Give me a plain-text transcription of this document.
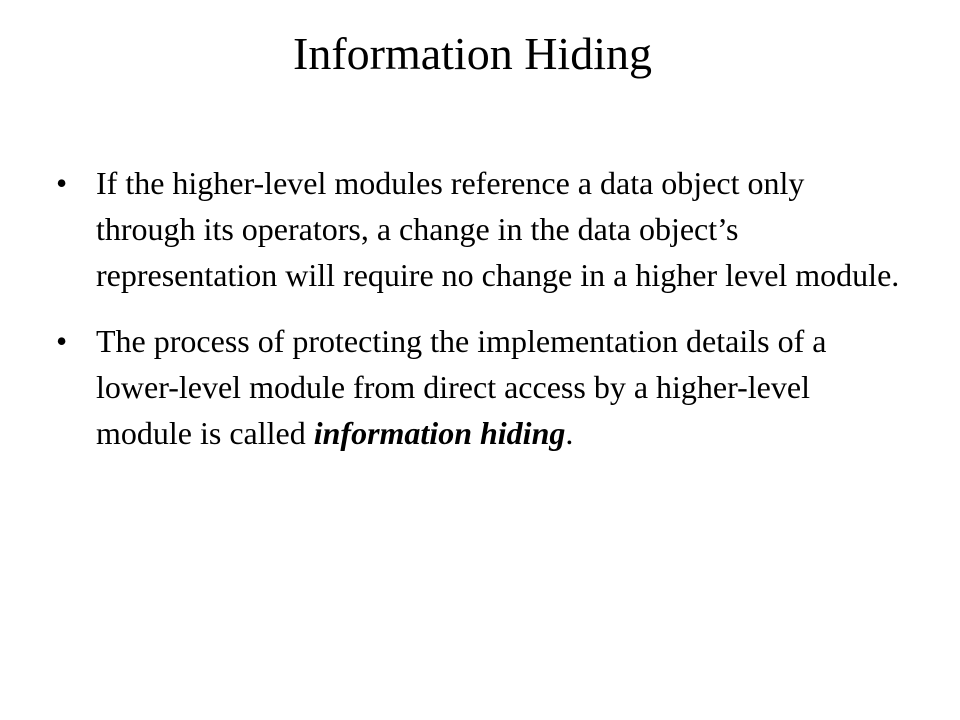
Information Hiding
• If the higher-level modules reference a data object only through its operators, a change in the data object’s representation will require no change in a higher level module.
• The process of protecting the implementation details of a lower-level module from direct access by a higher-level module is called information hiding.
